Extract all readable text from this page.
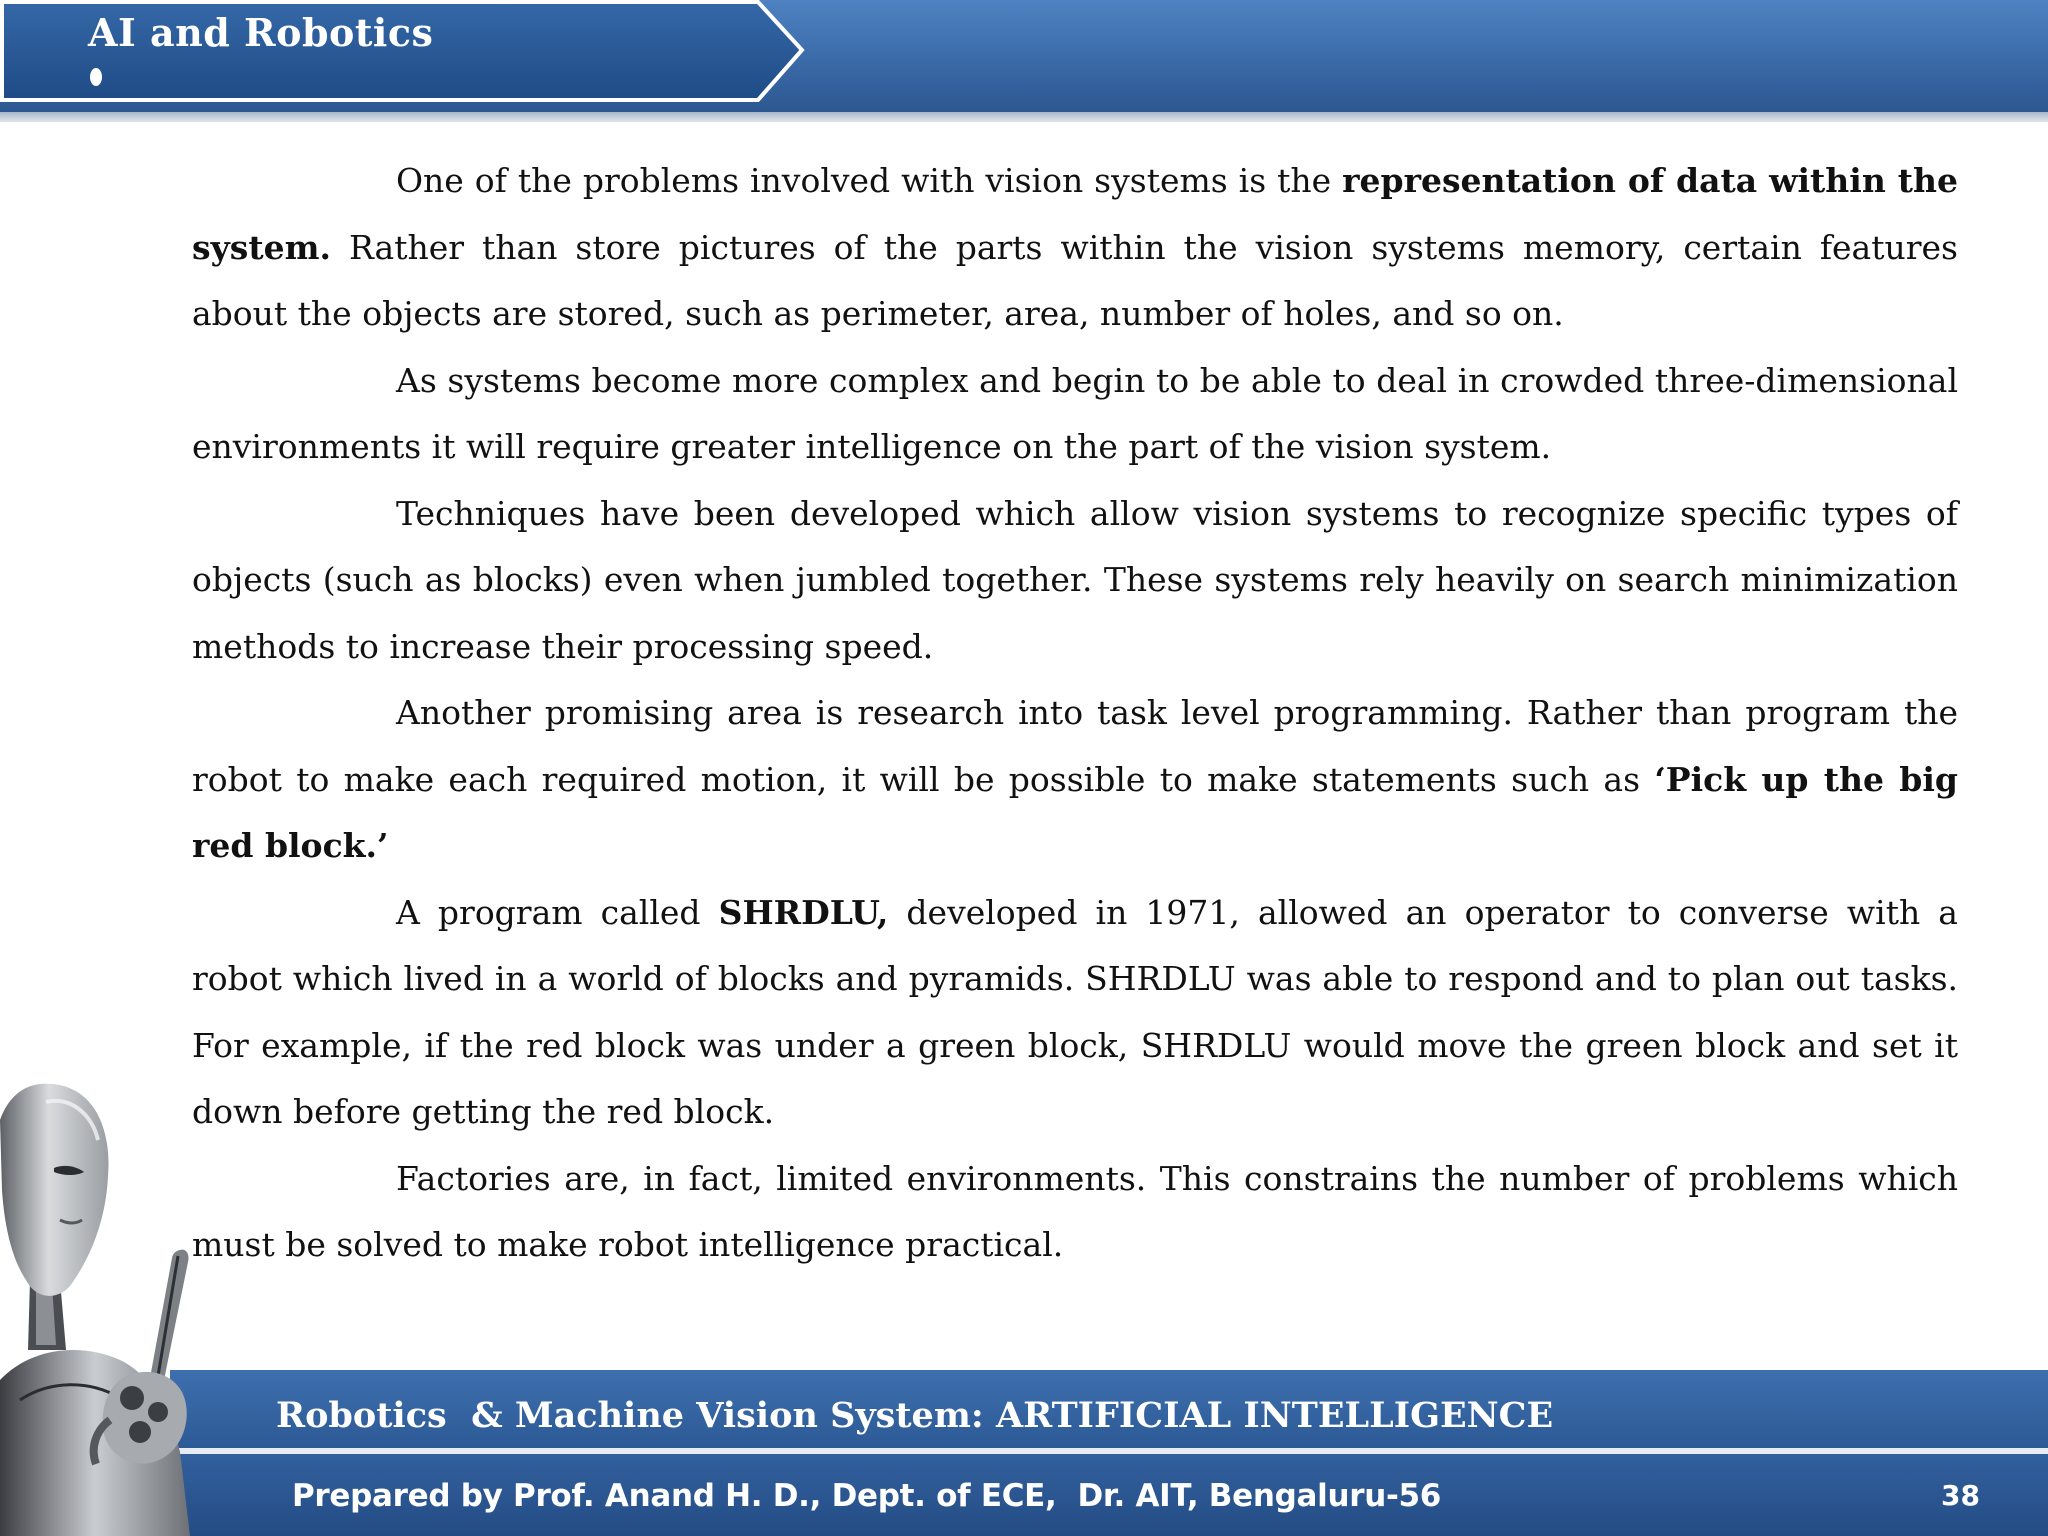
AI and Robotics

One of the problems involved with vision systems is the representation of data within the system. Rather than store pictures of the parts within the vision systems memory, certain features about the objects are stored, such as perimeter, area, number of holes, and so on.

As systems become more complex and begin to be able to deal in crowded three-dimensional environments it will require greater intelligence on the part of the vision system.

Techniques have been developed which allow vision systems to recognize specific types of objects (such as blocks) even when jumbled together. These systems rely heavily on search minimization methods to increase their processing speed.

Another promising area is research into task level programming. Rather than program the robot to make each required motion, it will be possible to make statements such as ‘Pick up the big red block.’

A program called SHRDLU, developed in 1971, allowed an operator to converse with a robot which lived in a world of blocks and pyramids. SHRDLU was able to respond and to plan out tasks. For example, if the red block was under a green block, SHRDLU would move the green block and set it down before getting the red block.

Factories are, in fact, limited environments. This constrains the number of problems which must be solved to make robot intelligence practical.

Robotics  & Machine Vision System: ARTIFICIAL INTELLIGENCE
Prepared by Prof. Anand H. D., Dept. of ECE,  Dr. AIT, Bengaluru-56	38
